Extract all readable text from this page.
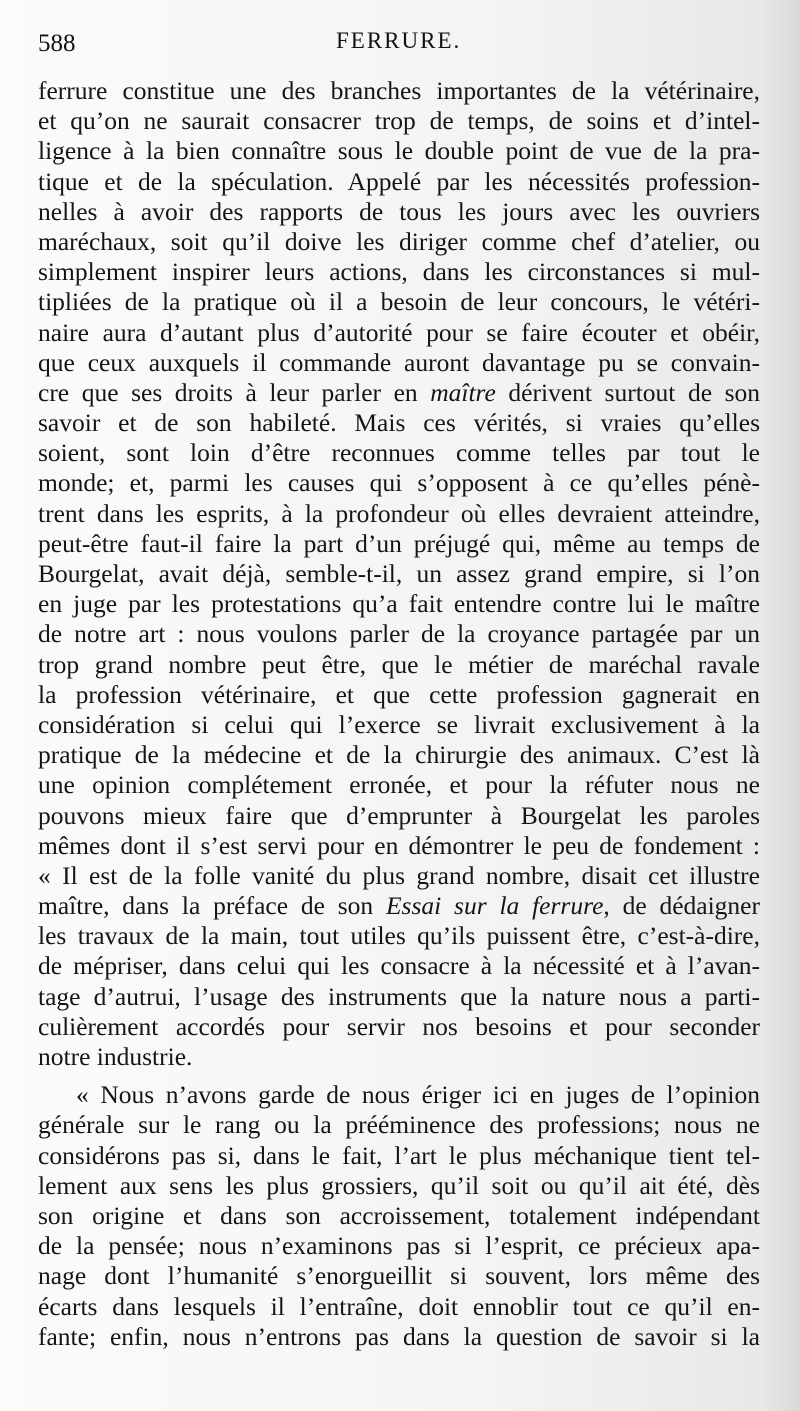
588	FERRURE.
ferrure constitue une des branches importantes de la vétérinaire,
et qu’on ne saurait consacrer trop de temps, de soins et d’intel-
ligence à la bien connaître sous le double point de vue de la pra-
tique et de la spéculation. Appelé par les nécessités profession-
nelles à avoir des rapports de tous les jours avec les ouvriers
maréchaux, soit qu’il doive les diriger comme chef d’atelier, ou
simplement inspirer leurs actions, dans les circonstances si mul-
tipliées de la pratique où il a besoin de leur concours, le vétéri-
naire aura d’autant plus d’autorité pour se faire écouter et obéir,
que ceux auxquels il commande auront davantage pu se convain-
cre que ses droits à leur parler en maître dérivent surtout de son
savoir et de son habileté. Mais ces vérités, si vraies qu’elles
soient, sont loin d’être reconnues comme telles par tout le
monde; et, parmi les causes qui s’opposent à ce qu’elles pénè-
trent dans les esprits, à la profondeur où elles devraient atteindre,
peut-être faut-il faire la part d’un préjugé qui, même au temps de
Bourgelat, avait déjà, semble-t-il, un assez grand empire, si l’on
en juge par les protestations qu’a fait entendre contre lui le maître
de notre art : nous voulons parler de la croyance partagée par un
trop grand nombre peut être, que le métier de maréchal ravale
la profession vétérinaire, et que cette profession gagnerait en
considération si celui qui l’exerce se livrait exclusivement à la
pratique de la médecine et de la chirurgie des animaux. C’est là
une opinion complétement erronée, et pour la réfuter nous ne
pouvons mieux faire que d’emprunter à Bourgelat les paroles
mêmes dont il s’est servi pour en démontrer le peu de fondement :
« Il est de la folle vanité du plus grand nombre, disait cet illustre
maître, dans la préface de son Essai sur la ferrure, de dédaigner
les travaux de la main, tout utiles qu’ils puissent être, c’est-à-dire,
de mépriser, dans celui qui les consacre à la nécessité et à l’avan-
tage d’autrui, l’usage des instruments que la nature nous a parti-
culièrement accordés pour servir nos besoins et pour seconder
notre industrie.
« Nous n’avons garde de nous ériger ici en juges de l’opinion
générale sur le rang ou la prééminence des professions; nous ne
considérons pas si, dans le fait, l’art le plus méchanique tient tel-
lement aux sens les plus grossiers, qu’il soit ou qu’il ait été, dès
son origine et dans son accroissement, totalement indépendant
de la pensée; nous n’examinons pas si l’esprit, ce précieux apa-
nage dont l’humanité s’enorgueillit si souvent, lors même des
écarts dans lesquels il l’entraîne, doit ennoblir tout ce qu’il en-
fante; enfin, nous n’entrons pas dans la question de savoir si la
